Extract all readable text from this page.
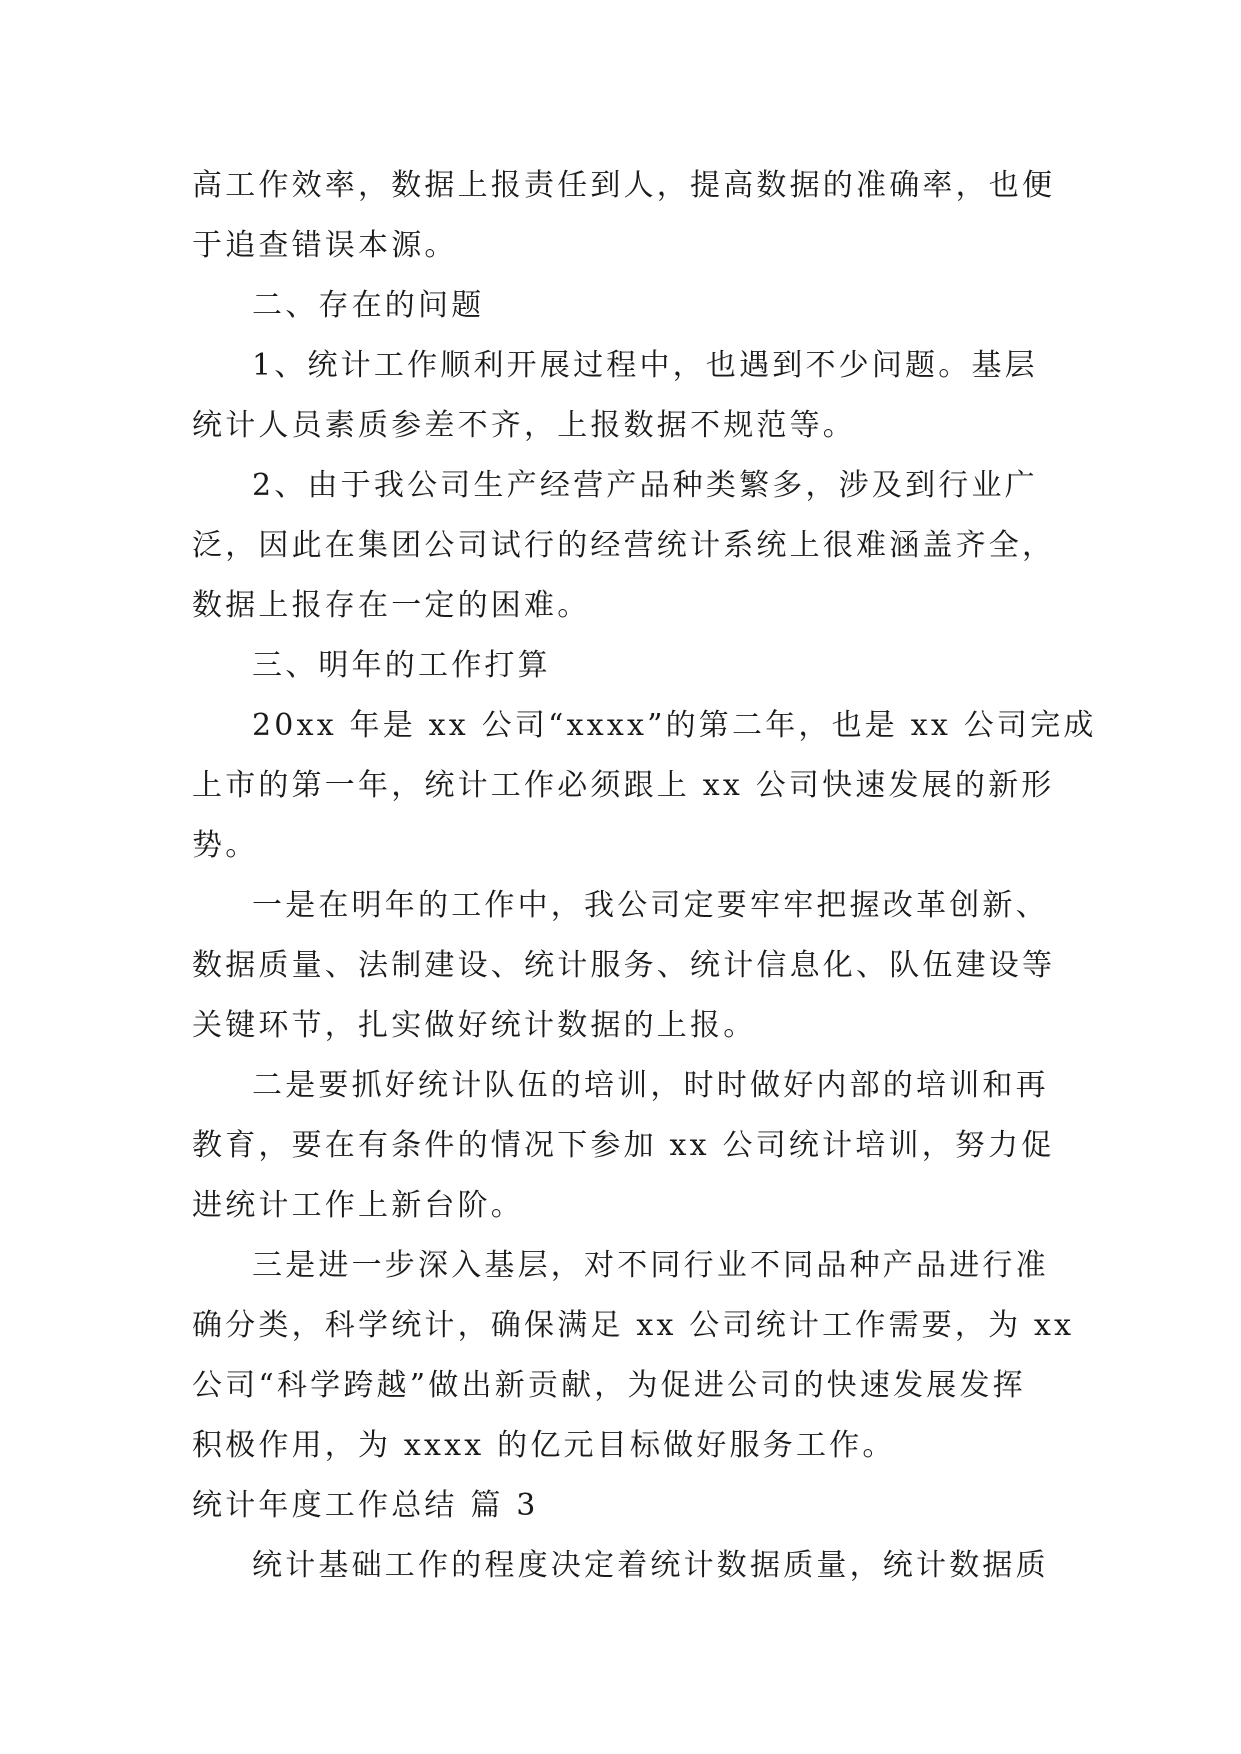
高工作效率，数据上报责任到人，提高数据的准确率，也便
于追查错误本源。
二、存在的问题
1、统计工作顺利开展过程中，也遇到不少问题。基层
统计人员素质参差不齐，上报数据不规范等。
2、由于我公司生产经营产品种类繁多，涉及到行业广
泛，因此在集团公司试行的经营统计系统上很难涵盖齐全，
数据上报存在一定的困难。
三、明年的工作打算
20xx 年是 xx 公司“xxxx”的第二年，也是 xx 公司完成
上市的第一年，统计工作必须跟上 xx 公司快速发展的新形
势。
一是在明年的工作中，我公司定要牢牢把握改革创新、
数据质量、法制建设、统计服务、统计信息化、队伍建设等
关键环节，扎实做好统计数据的上报。
二是要抓好统计队伍的培训，时时做好内部的培训和再
教育，要在有条件的情况下参加 xx 公司统计培训，努力促
进统计工作上新台阶。
三是进一步深入基层，对不同行业不同品种产品进行准
确分类，科学统计，确保满足 xx 公司统计工作需要，为 xx
公司“科学跨越”做出新贡献，为促进公司的快速发展发挥
积极作用，为 xxxx 的亿元目标做好服务工作。
统计年度工作总结 篇 3
统计基础工作的程度决定着统计数据质量，统计数据质
